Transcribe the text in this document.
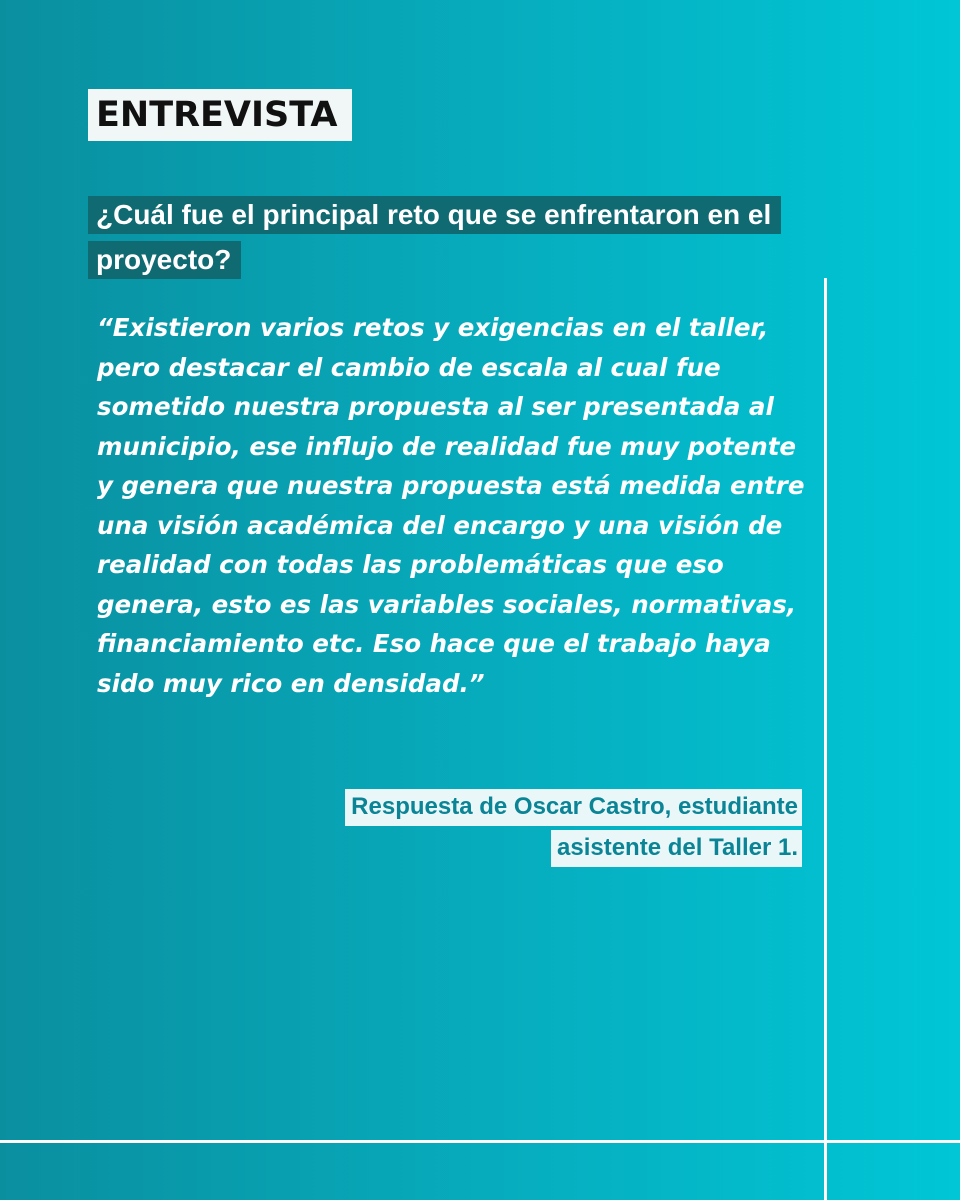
ENTREVISTA
¿Cuál fue el principal reto que se enfrentaron en el proyecto?

“Existieron varios retos y exigencias en el taller, pero destacar el cambio de escala al cual fue sometido nuestra propuesta al ser presentada al municipio, ese influjo de realidad fue muy potente y genera que nuestra propuesta está medida entre una visión académica del encargo y una visión de realidad con todas las problemáticas que eso genera, esto es las variables sociales, normativas, financiamiento etc. Eso hace que el trabajo haya sido muy rico en densidad.”

Respuesta de Oscar Castro, estudiante asistente del Taller 1.
